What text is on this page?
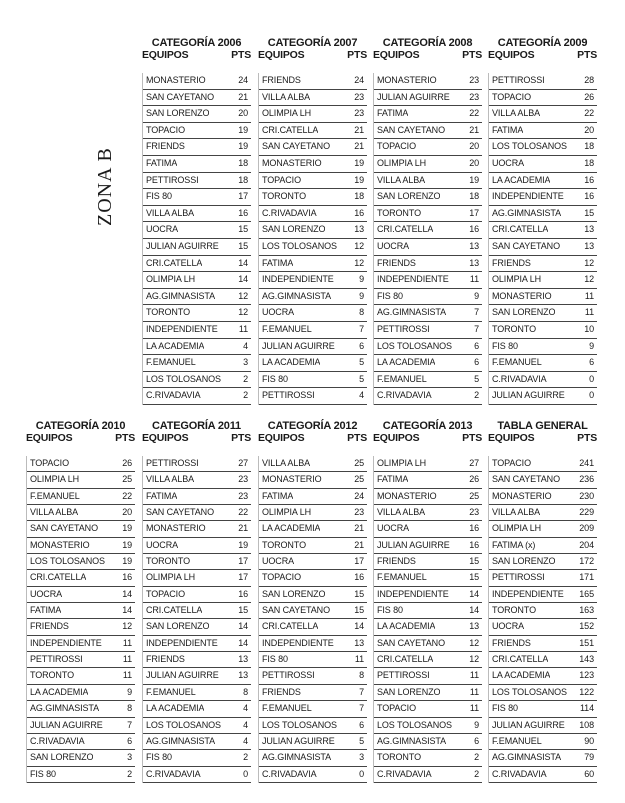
ZONA B
CATEGORÍA 2006
EQUIPOS	PTS
MONASTERIO	24
SAN CAYETANO	21
SAN LORENZO	20
TOPACIO	19
FRIENDS	19
FATIMA	18
PETTIROSSI	18
FIS 80	17
VILLA ALBA	16
UOCRA	15
JULIAN AGUIRRE 15
CRI.CATELLA	14
OLIMPIA LH	14
AG.GIMNASISTA	12
TORONTO	12
INDEPENDIENTE 11
LA ACADEMIA	4
F.EMANUEL	3
LOS TOLOSANOS 2
C.RIVADAVIA	2
CATEGORÍA 2007
EQUIPOS	PTS
FRIENDS	24
VILLA ALBA	23
OLIMPIA LH	23
CRI.CATELLA	21
SAN CAYETANO	21
MONASTERIO	19
TOPACIO	19
TORONTO	18
C.RIVADAVIA	16
SAN LORENZO	13
LOS TOLOSANOS 12
FATIMA	12
INDEPENDIENTE	9
AG.GIMNASISTA	9
UOCRA	8
F.EMANUEL	7
JULIAN AGUIRRE	6
LA ACADEMIA	5
FIS 80	5
PETTIROSSI	4
CATEGORÍA 2008
EQUIPOS	PTS
MONASTERIO	23
JULIAN AGUIRRE 23
FATIMA	22
SAN CAYETANO	21
TOPACIO	20
OLIMPIA LH	20
VILLA ALBA	19
SAN LORENZO	18
TORONTO	17
CRI.CATELLA	16
UOCRA	13
FRIENDS	13
INDEPENDIENTE 11
FIS 80	9
AG.GIMNASISTA	7
PETTIROSSI	7
LOS TOLOSANOS 6
LA ACADEMIA	6
F.EMANUEL	5
C.RIVADAVIA	2
CATEGORÍA 2009
EQUIPOS	PTS
PETTIROSSI	28
TOPACIO	26
VILLA ALBA	22
FATIMA	20
LOS TOLOSANOS 18
UOCRA	18
LA ACADEMIA	16
INDEPENDIENTE 16
AG.GIMNASISTA	15
CRI.CATELLA	13
SAN CAYETANO	13
FRIENDS	12
OLIMPIA LH	12
MONASTERIO	11
SAN LORENZO	11
TORONTO	10
FIS 80	9
F.EMANUEL	6
C.RIVADAVIA	0
JULIAN AGUIRRE	0
CATEGORÍA 2010
EQUIPOS	PTS
TOPACIO	26
OLIMPIA LH	25
F.EMANUEL	22
VILLA ALBA	20
SAN CAYETANO	19
MONASTERIO	19
LOS TOLOSANOS 19
CRI.CATELLA	16
UOCRA	14
FATIMA	14
FRIENDS	12
INDEPENDIENTE 11
PETTIROSSI	11
TORONTO	11
LA ACADEMIA	9
AG.GIMNASISTA	8
JULIAN AGUIRRE	7
C.RIVADAVIA	6
SAN LORENZO	3
FIS 80	2
CATEGORÍA 2011
EQUIPOS	PTS
PETTIROSSI	27
VILLA ALBA	23
FATIMA	23
SAN CAYETANO	22
MONASTERIO	21
UOCRA	19
TORONTO	17
OLIMPIA LH	17
TOPACIO	16
CRI.CATELLA	15
SAN LORENZO	14
INDEPENDIENTE 14
FRIENDS	13
JULIAN AGUIRRE 13
F.EMANUEL	8
LA ACADEMIA	4
LOS TOLOSANOS 4
AG.GIMNASISTA	4
FIS 80	2
C.RIVADAVIA	0
CATEGORÍA 2012
EQUIPOS	PTS
VILLA ALBA	25
MONASTERIO	25
FATIMA	24
OLIMPIA LH	23
LA ACADEMIA	21
TORONTO	21
UOCRA	17
TOPACIO	16
SAN LORENZO	15
SAN CAYETANO	15
CRI.CATELLA	14
INDEPENDIENTE 13
FIS 80	11
PETTIROSSI	8
FRIENDS	7
F.EMANUEL	7
LOS TOLOSANOS 6
JULIAN AGUIRRE	5
AG.GIMNASISTA	3
C.RIVADAVIA	0
CATEGORÍA 2013
EQUIPOS	PTS
OLIMPIA LH	27
FATIMA	26
MONASTERIO	25
VILLA ALBA	23
UOCRA	16
JULIAN AGUIRRE 16
FRIENDS	15
F.EMANUEL	15
INDEPENDIENTE 14
FIS 80	14
LA ACADEMIA	13
SAN CAYETANO	12
CRI.CATELLA	12
PETTIROSSI	11
SAN LORENZO	11
TOPACIO	11
LOS TOLOSANOS 9
AG.GIMNASISTA	6
TORONTO	2
C.RIVADAVIA	2
TABLA GENERAL
EQUIPOS	PTS
TOPACIO	241
SAN CAYETANO 236
MONASTERIO	230
VILLA ALBA	229
OLIMPIA LH	209
FATIMA (x)	204
SAN LORENZO	172
PETTIROSSI	171
INDEPENDIENTE 165
TORONTO	163
UOCRA	152
FRIENDS	151
CRI.CATELLA	143
LA ACADEMIA	123
LOS TOLOSANOS 122
FIS 80	114
JULIAN AGUIRRE 108
F.EMANUEL	90
AG.GIMNASISTA	79
C.RIVADAVIA	60
